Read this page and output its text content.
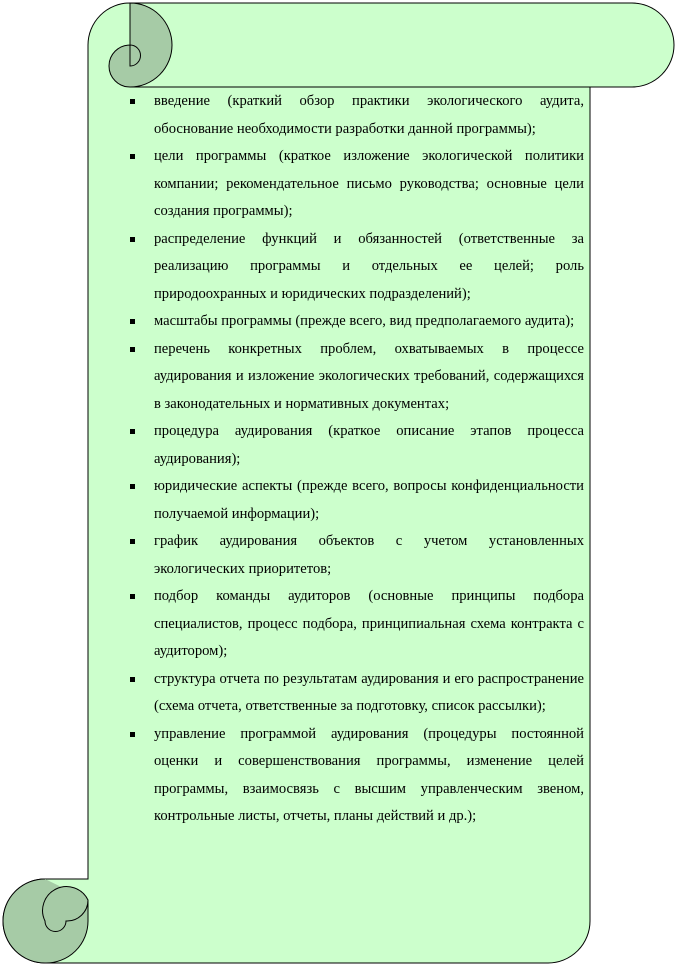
введение (краткий обзор практики экологического аудита, обоснование необходимости разработки данной программы);
цели программы (краткое изложение экологической политики компании; рекомендательное письмо руководства; основные цели создания программы);
распределение функций и обязанностей (ответственные за реализацию программы и отдельных ее целей; роль природоохранных и юридических подразделений);
масштабы программы (прежде всего, вид предполагаемого аудита);
перечень конкретных проблем, охватываемых в процессе аудирования и изложение экологических требований, содержащихся в законодательных и нормативных документах;
процедура аудирования (краткое описание этапов процесса аудирования);
юридические аспекты (прежде всего, вопросы конфиденциальности получаемой информации);
график аудирования объектов с учетом установленных экологических приоритетов;
подбор команды аудиторов (основные принципы подбора специалистов, процесс подбора, принципиальная схема контракта с аудитором);
структура отчета по результатам аудирования и его распространение (схема отчета, ответственные за подготовку, список рассылки);
управление программой аудирования (процедуры постоянной оценки и совершенствования программы, изменение целей программы, взаимосвязь с высшим управленческим звеном, контрольные листы, отчеты, планы действий и др.);
